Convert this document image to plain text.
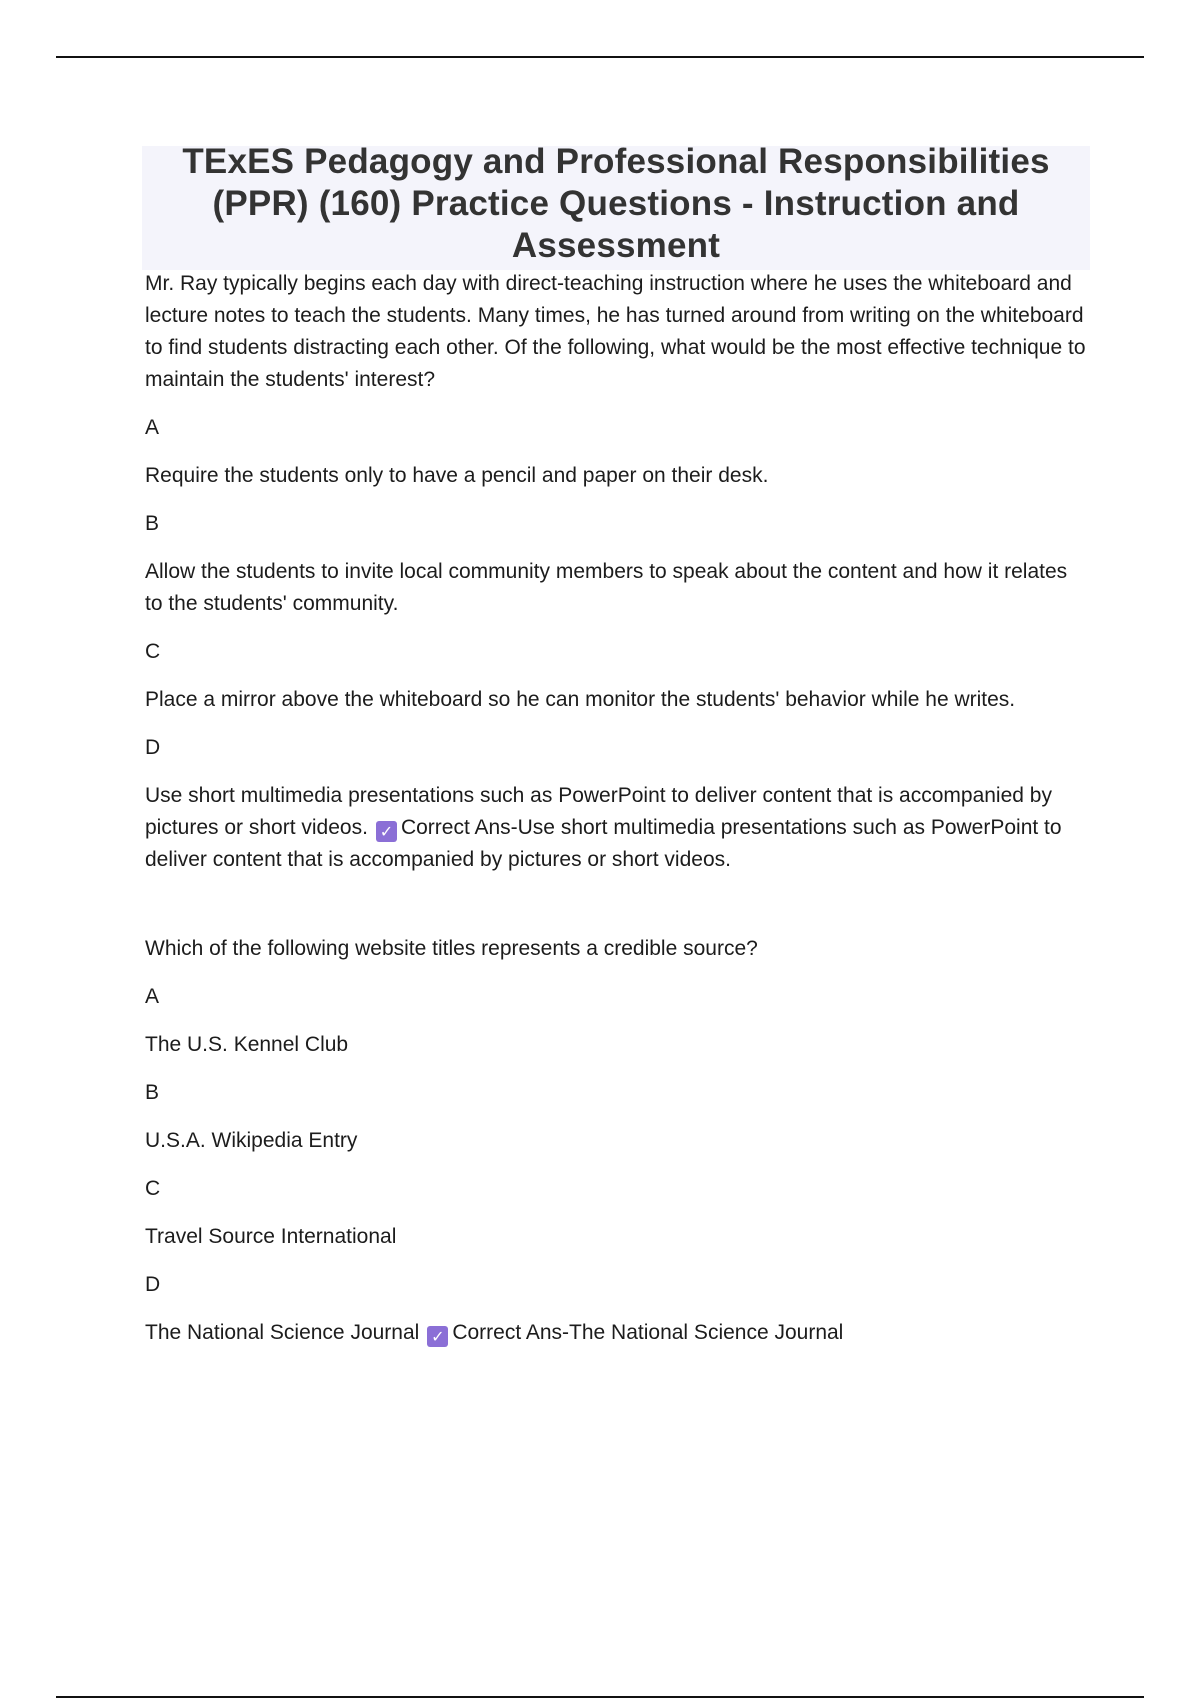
TExES Pedagogy and Professional Responsibilities (PPR) (160) Practice Questions - Instruction and Assessment

Mr. Ray typically begins each day with direct-teaching instruction where he uses the whiteboard and lecture notes to teach the students. Many times, he has turned around from writing on the whiteboard to find students distracting each other. Of the following, what would be the most effective technique to maintain the students' interest?

A

Require the students only to have a pencil and paper on their desk.

B

Allow the students to invite local community members to speak about the content and how it relates to the students' community.

C

Place a mirror above the whiteboard so he can monitor the students' behavior while he writes.

D

Use short multimedia presentations such as PowerPoint to deliver content that is accompanied by pictures or short videos. ✓ Correct Ans-Use short multimedia presentations such as PowerPoint to deliver content that is accompanied by pictures or short videos.

Which of the following website titles represents a credible source?

A

The U.S. Kennel Club

B

U.S.A. Wikipedia Entry

C

Travel Source International

D

The National Science Journal ✓ Correct Ans-The National Science Journal
